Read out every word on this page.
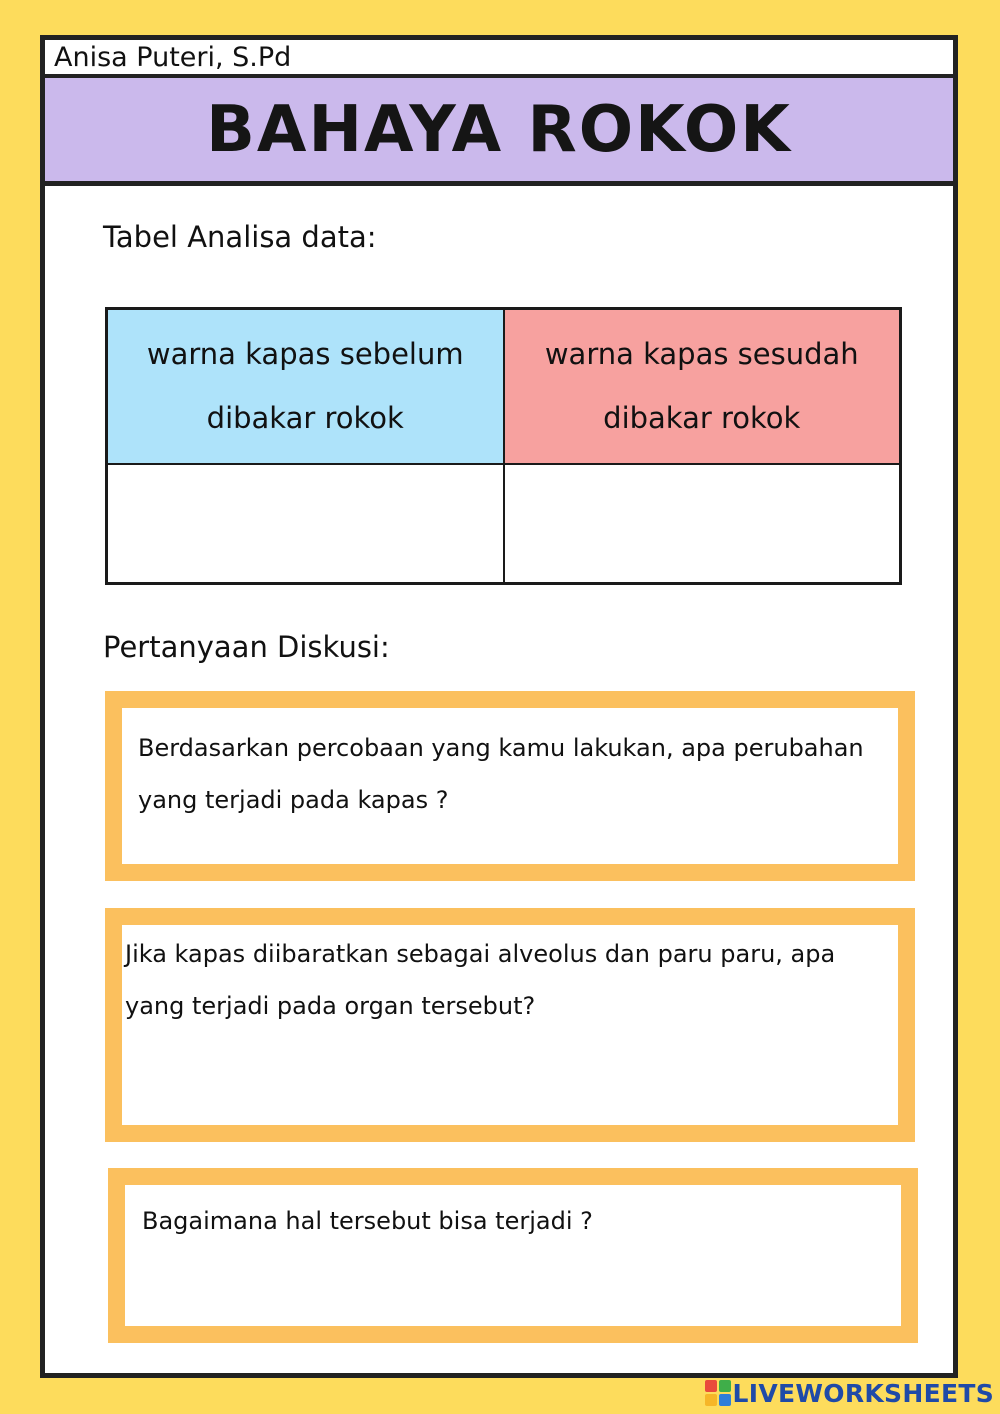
Anisa Puteri, S.Pd
BAHAYA ROKOK
Tabel Analisa data:
warna kapas sebelum dibakar rokok	warna kapas sesudah dibakar rokok

Pertanyaan Diskusi:
Berdasarkan percobaan yang kamu lakukan, apa perubahan yang terjadi pada kapas ?
Jika kapas diibaratkan sebagai alveolus dan paru paru, apa yang terjadi pada organ tersebut?
Bagaimana hal tersebut bisa terjadi ?
LIVEWORKSHEETS
